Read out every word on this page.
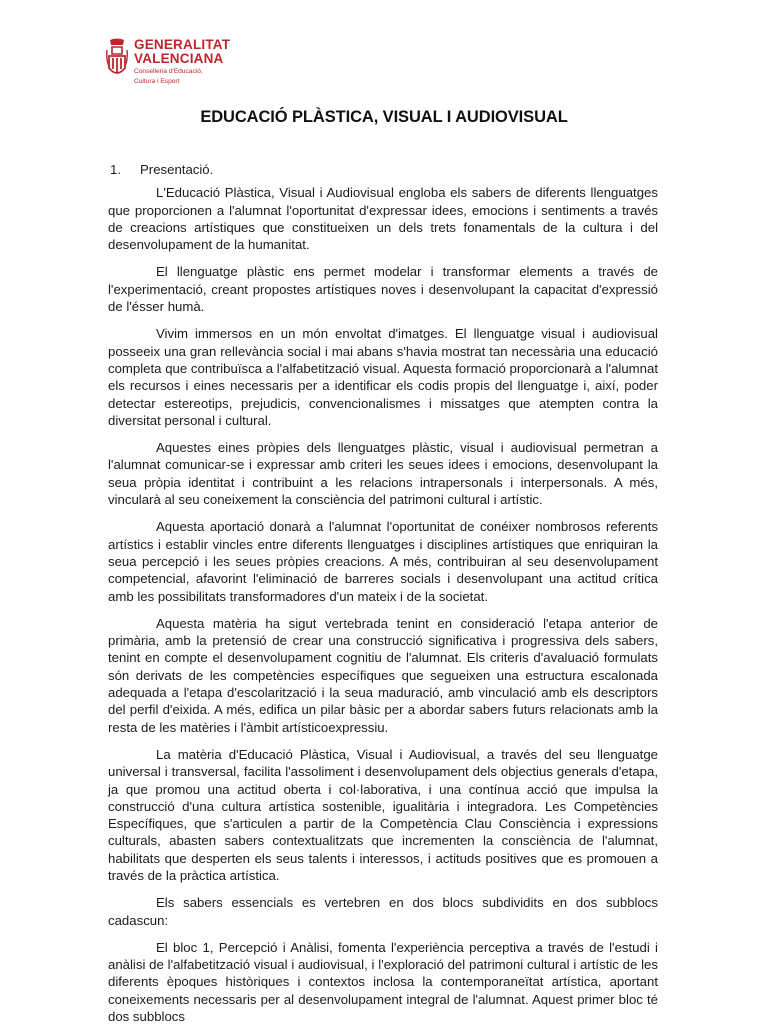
GENERALITAT
VALENCIANA
Conselleria d'Educació,
Cultura i Esport
EDUCACIÓ PLÀSTICA, VISUAL I AUDIOVISUAL
1. Presentació.

L'Educació Plàstica, Visual i Audiovisual engloba els sabers de diferents llenguatges que proporcionen a l'alumnat l'oportunitat d'expressar idees, emocions i sentiments a través de creacions artístiques que constitueixen un dels trets fonamentals de la cultura i del desenvolupament de la humanitat.

El llenguatge plàstic ens permet modelar i transformar elements a través de l'experimentació, creant propostes artístiques noves i desenvolupant la capacitat d'expressió de l'ésser humà.

Vivim immersos en un món envoltat d'imatges. El llenguatge visual i audiovisual posseeix una gran rellevància social i mai abans s'havia mostrat tan necessària una educació completa que contribuïsca a l'alfabetització visual. Aquesta formació proporcionarà a l'alumnat els recursos i eines necessaris per a identificar els codis propis del llenguatge i, així, poder detectar estereotips, prejudicis, convencionalismes i missatges que atempten contra la diversitat personal i cultural.

Aquestes eines pròpies dels llenguatges plàstic, visual i audiovisual permetran a l'alumnat comunicar-se i expressar amb criteri les seues idees i emocions, desenvolupant la seua pròpia identitat i contribuint a les relacions intrapersonals i interpersonals. A més, vincularà al seu coneixement la consciència del patrimoni cultural i artístic.

Aquesta aportació donarà a l'alumnat l'oportunitat de conéixer nombrosos referents artístics i establir vincles entre diferents llenguatges i disciplines artístiques que enriquiran la seua percepció i les seues pròpies creacions. A més, contribuiran al seu desenvolupament competencial, afavorint l'eliminació de barreres socials i desenvolupant una actitud crítica amb les possibilitats transformadores d'un mateix i de la societat.

Aquesta matèria ha sigut vertebrada tenint en consideració l'etapa anterior de primària, amb la pretensió de crear una construcció significativa i progressiva dels sabers, tenint en compte el desenvolupament cognitiu de l'alumnat. Els criteris d'avaluació formulats són derivats de les competències específiques que segueixen una estructura escalonada adequada a l'etapa d'escolarització i la seua maduració, amb vinculació amb els descriptors del perfil d'eixida. A més, edifica un pilar bàsic per a abordar sabers futurs relacionats amb la resta de les matèries i l'àmbit artísticoexpressiu.

La matèria d'Educació Plàstica, Visual i Audiovisual, a través del seu llenguatge universal i transversal, facilita l'assoliment i desenvolupament dels objectius generals d'etapa, ja que promou una actitud oberta i col·laborativa, i una contínua acció que impulsa la construcció d'una cultura artística sostenible, igualitària i integradora. Les Competències Específiques, que s'articulen a partir de la Competència Clau Consciència i expressions culturals, abasten sabers contextualitzats que incrementen la consciència de l'alumnat, habilitats que desperten els seus talents i interessos, i actituds positives que es promouen a través de la pràctica artística.

Els sabers essencials es vertebren en dos blocs subdividits en dos subblocs cadascun:

El bloc 1, Percepció i Anàlisi, fomenta l'experiència perceptiva a través de l'estudi i anàlisi de l'alfabetització visual i audiovisual, i l'exploració del patrimoni cultural i artístic de les diferents èpoques històriques i contextos inclosa la contemporaneïtat artística, aportant coneixements necessaris per al desenvolupament integral de l'alumnat. Aquest primer bloc té dos subblocs
